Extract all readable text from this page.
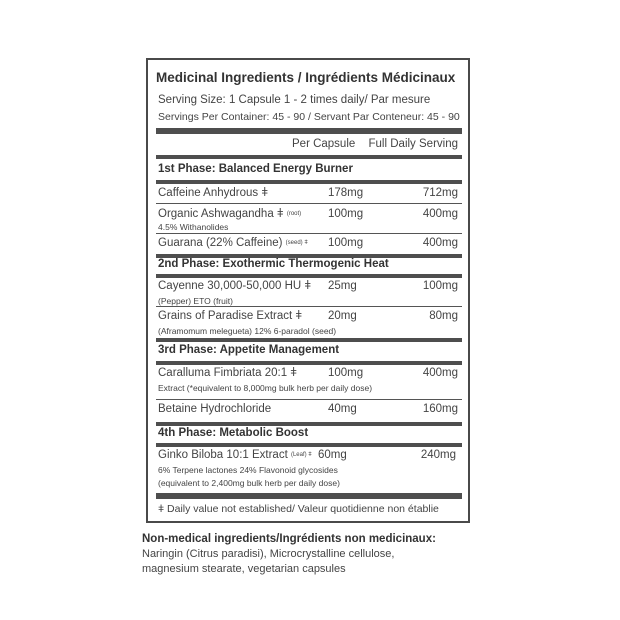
Medicinal Ingredients / Ingrédients Médicinaux
Serving Size: 1 Capsule 1 - 2 times daily/ Par mesure
Servings Per Container: 45 - 90 / Servant Par Conteneur: 45 - 90
Per Capsule Full Daily Serving
1st Phase: Balanced Energy Burner
Caffeine Anhydrous ǂ	178mg	712mg
Organic Ashwagandha ǂ (root) 100mg	400mg
4.5% Withanolides
Guarana (22% Caffeine) (seed) ǂ 100mg	400mg
2nd Phase: Exothermic Thermogenic Heat
Cayenne 30,000-50,000 HU ǂ 25mg	100mg
(Pepper) ETO (fruit)
Grains of Paradise Extract ǂ 20mg	80mg
(Aframomum melegueta) 12% 6-paradol (seed)
3rd Phase: Appetite Management
Caralluma Fimbriata 20:1 ǂ	100mg	400mg
Extract (*equivalent to 8,000mg bulk herb per daily dose)
Betaine Hydrochloride	40mg	160mg
4th Phase: Metabolic Boost
Ginko Biloba 10:1 Extract (Leaf) ǂ 60mg	240mg
6% Terpene lactones 24% Flavonoid glycosides
(equivalent to 2,400mg bulk herb per daily dose)
ǂ Daily value not established/ Valeur quotidienne non établie
Non-medical ingredients/Ingrédients non medicinaux:
Naringin (Citrus paradisi), Microcrystalline cellulose,
magnesium stearate, vegetarian capsules
